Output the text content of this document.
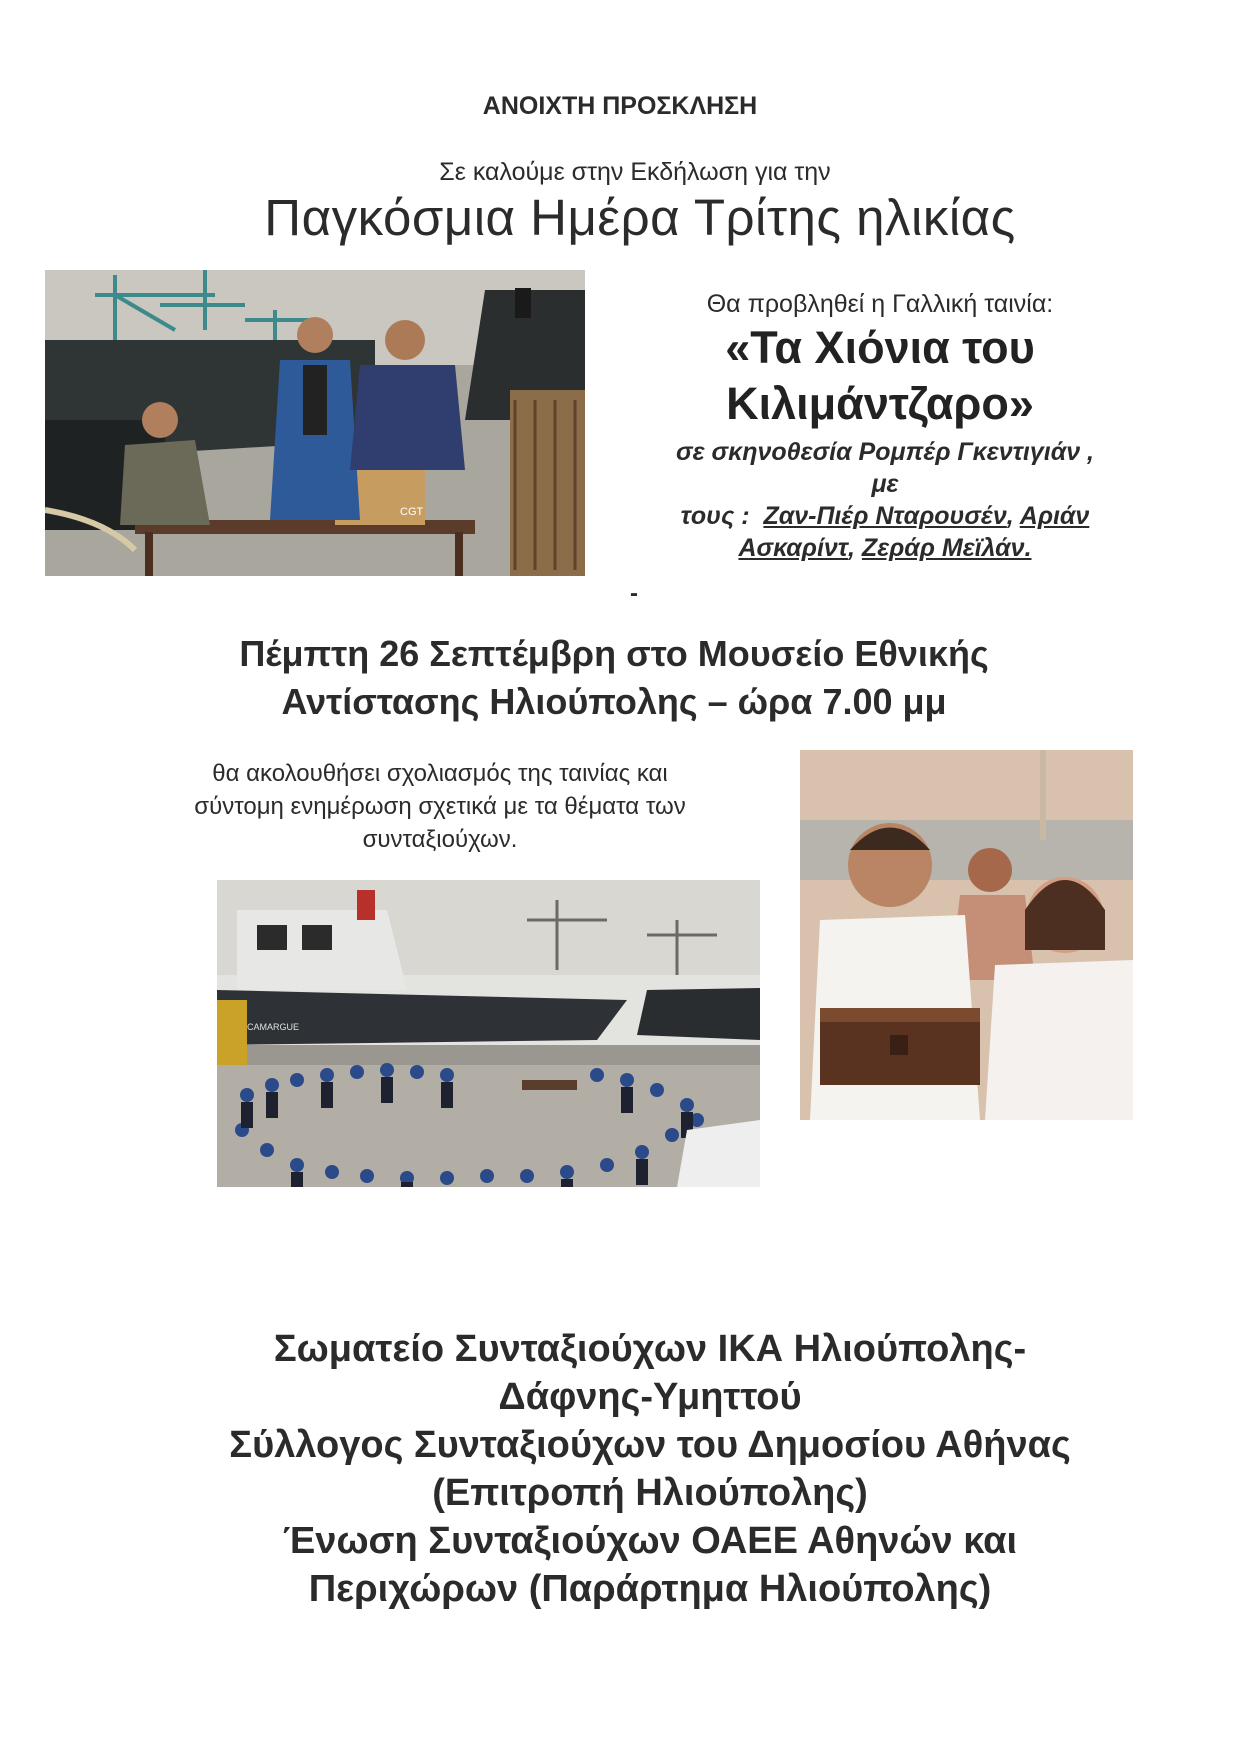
ΑΝΟΙΧΤΗ ΠΡΟΣΚΛΗΣΗ
Σε καλούμε στην Εκδήλωση για την
Παγκόσμια Ημέρα Τρίτης ηλικίας
CGT
Θα προβληθεί η Γαλλική ταινία:
«Τα Χιόνια του
Κιλιμάντζαρο»
σε σκηνοθεσία Ρομπέρ Γκεντιγιάν ,
με
τους : Ζαν-Πιέρ Νταρουσέν, Αριάν Ασκαρίντ, Ζεράρ Μεϊλάν.
-
Πέμπτη 26 Σεπτέμβρη στο Μουσείο Εθνικής
Αντίστασης Ηλιούπολης – ώρα 7.00 μμ
θα ακολουθήσει σχολιασμός της ταινίας και
σύντομη ενημέρωση σχετικά με τα θέματα των
συνταξιούχων.
CAMARGUE
Σωματείο Συνταξιούχων ΙΚΑ Ηλιούπολης-
Δάφνης-Υμηττού
Σύλλογος Συνταξιούχων του Δημοσίου Αθήνας
(Επιτροπή Ηλιούπολης)
Ένωση Συνταξιούχων ΟΑΕΕ Αθηνών και
Περιχώρων (Παράρτημα Ηλιούπολης)
